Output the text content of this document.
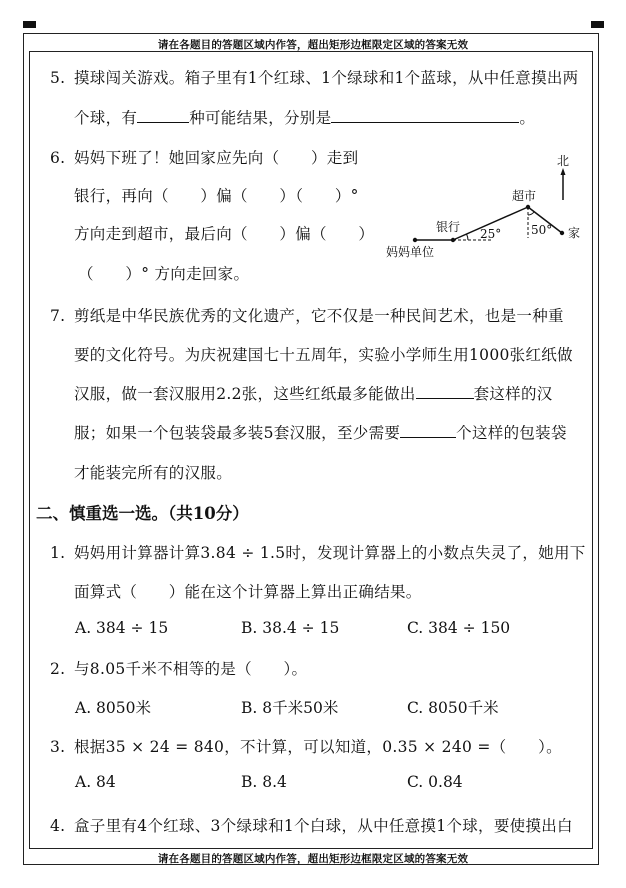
请在各题目的答题区域内作答，超出矩形边框限定区域的答案无效
5. 摸球闯关游戏。箱子里有1个红球、1个绿球和1个蓝球，从中任意摸出两
个球，有	种可能结果，分别是	。
6. 妈妈下班了！她回家应先向（　　）走到
银行，再向（　　）偏（　　）（　　）°
方向走到超市，最后向（　　）偏（　　）
（　　）° 方向走回家。
北
妈妈单位
银行
超市
家
25° 50°
7. 剪纸是中华民族优秀的文化遗产，它不仅是一种民间艺术，也是一种重
要的文化符号。为庆祝建国七十五周年，实验小学师生用1000张红纸做
汉服，做一套汉服用2.2张，这些红纸最多能做出	套这样的汉
服；如果一个包装袋最多装5套汉服，至少需要	个这样的包装袋
才能装完所有的汉服。
二、慎重选一选。（共10分）
1. 妈妈用计算器计算3.84 ÷ 1.5时，发现计算器上的小数点失灵了，她用下
面算式（　　）能在这个计算器上算出正确结果。
A. 384 ÷ 15	B. 38.4 ÷ 15	C. 384 ÷ 150
2. 与8.05千米不相等的是（　　）。
A. 8050米	B. 8千米50米	C. 8050千米
3. 根据35 × 24 = 840，不计算，可以知道，0.35 × 240 =（　　）。
A. 84	B. 8.4	C. 0.84
4. 盒子里有4个红球、3个绿球和1个白球，从中任意摸1个球，要使摸出白
请在各题目的答题区域内作答，超出矩形边框限定区域的答案无效
